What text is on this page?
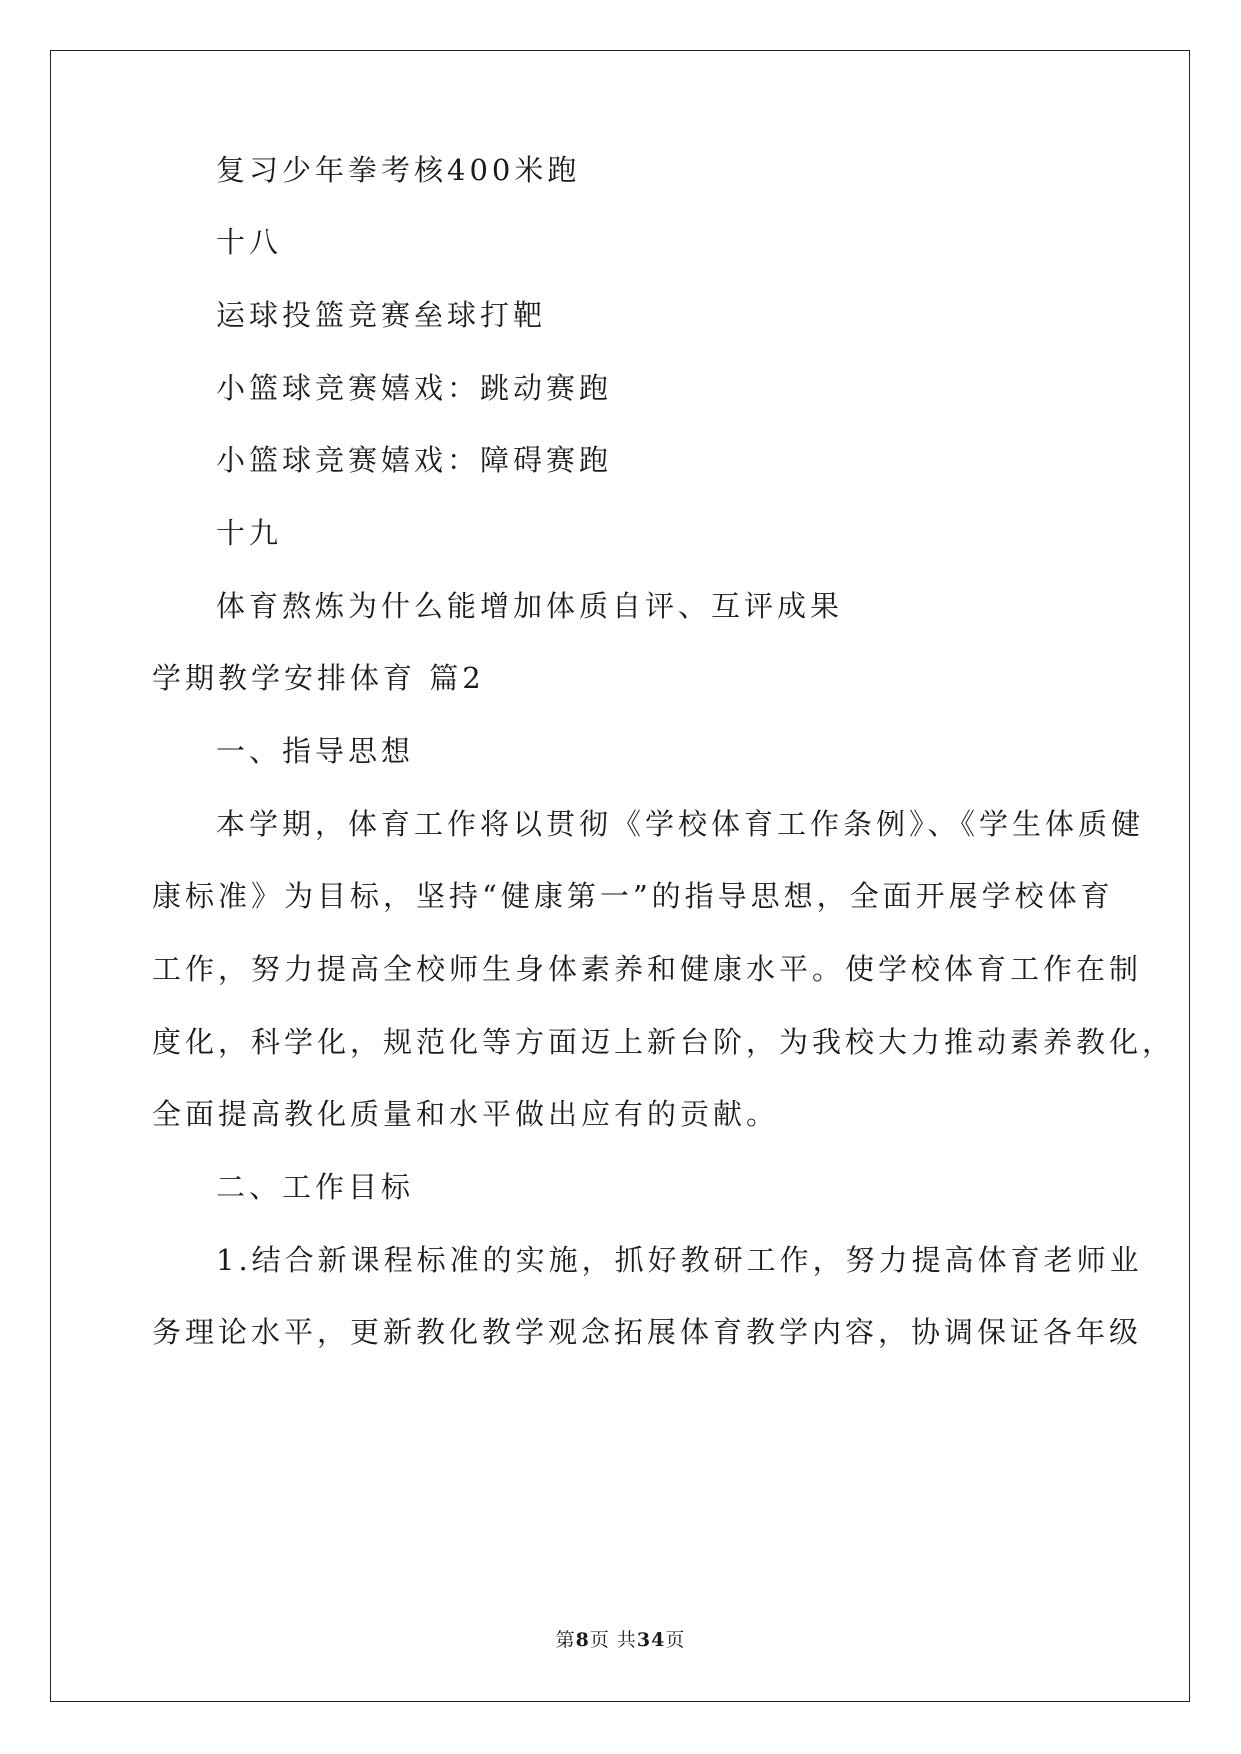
复习少年拳考核400米跑
十八
运球投篮竞赛垒球打靶
小篮球竞赛嬉戏：跳动赛跑
小篮球竞赛嬉戏：障碍赛跑
十九
体育熬炼为什么能增加体质自评、互评成果
学期教学安排体育 篇2
一、指导思想
本学期，体育工作将以贯彻《学校体育工作条例》、《学生体质健
康标准》为目标，坚持“健康第一”的指导思想，全面开展学校体育
工作，努力提高全校师生身体素养和健康水平。使学校体育工作在制
度化，科学化，规范化等方面迈上新台阶，为我校大力推动素养教化，
全面提高教化质量和水平做出应有的贡献。
二、工作目标
1.结合新课程标准的实施，抓好教研工作，努力提高体育老师业
务理论水平，更新教化教学观念拓展体育教学内容，协调保证各年级
第8页 共34页
